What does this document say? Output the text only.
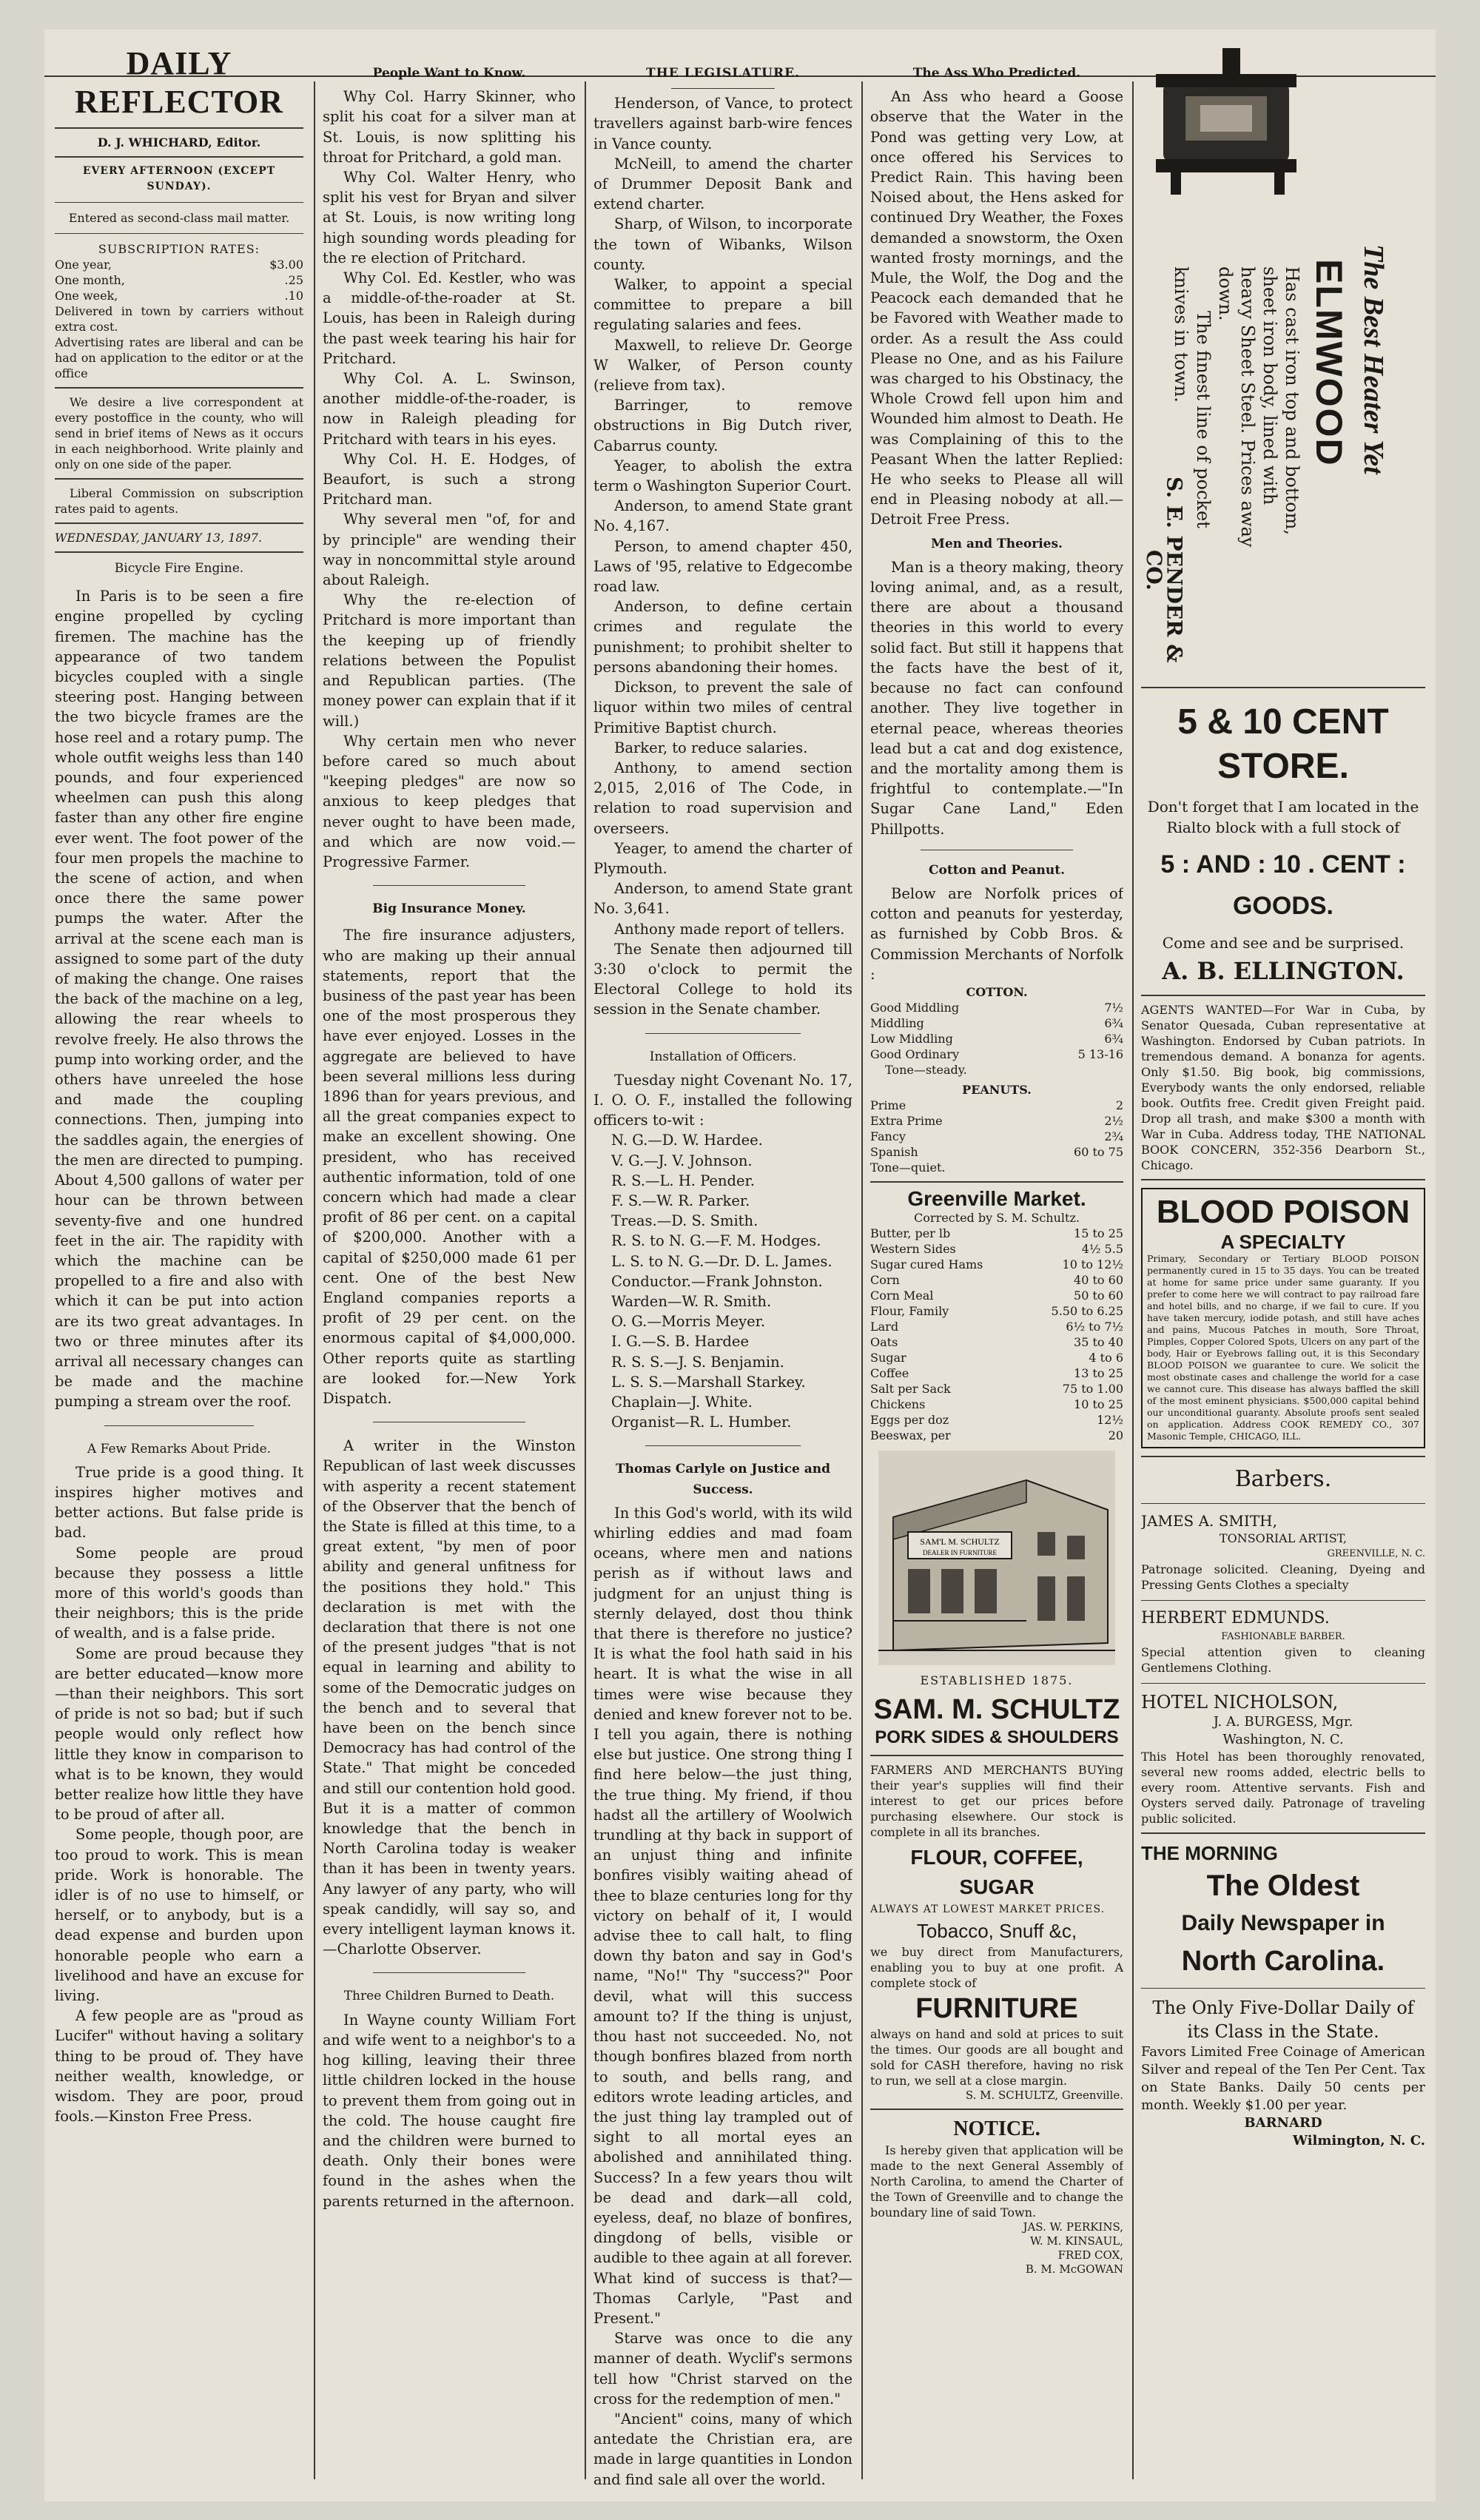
DAILY REFLECTOR
D. J. WHICHARD, Editor.
EVERY AFTERNOON (EXCEPT SUNDAY).
Entered as second-class mail matter.
SUBSCRIPTION RATES:
One year,	$3.00
One month,	.25
One week,	.10
Delivered in town by carriers without extra cost.
Advertising rates are liberal and can be had on application to the editor or at the office
We desire a live correspondent at every postoffice in the county, who will send in brief items of News as it occurs in each neighborhood. Write plainly and only on one side of the paper.
Liberal Commission on subscription rates paid to agents.
WEDNESDAY, JANUARY 13, 1897.
Bicycle Fire Engine.

In Paris is to be seen a fire engine propelled by cycling firemen. The machine has the appearance of two tandem bicycles coupled with a single steering post. Hanging between the two bicycle frames are the hose reel and a rotary pump. The whole outfit weighs less than 140 pounds, and four experienced wheelmen can push this along faster than any other fire engine ever went. The foot power of the four men propels the machine to the scene of action, and when once there the same power pumps the water. After the arrival at the scene each man is assigned to some part of the duty of making the change. One raises the back of the machine on a leg, allowing the rear wheels to revolve freely. He also throws the pump into working order, and the others have unreeled the hose and made the coupling connections. Then, jumping into the saddles again, the energies of the men are directed to pumping. About 4,500 gallons of water per hour can be thrown between seventy-five and one hundred feet in the air. The rapidity with which the machine can be propelled to a fire and also with which it can be put into action are its two great advantages. In two or three minutes after its arrival all necessary changes can be made and the machine pumping a stream over the roof.

A Few Remarks About Pride.

True pride is a good thing. It inspires higher motives and better actions. But false pride is bad.

Some people are proud because they possess a little more of this world's goods than their neighbors; this is the pride of wealth, and is a false pride.

Some are proud because they are better educated—know more—than their neighbors. This sort of pride is not so bad; but if such people would only reflect how little they know in comparison to what is to be known, they would better realize how little they have to be proud of after all.

Some people, though poor, are too proud to work. This is mean pride. Work is honorable. The idler is of no use to himself, or herself, or to anybody, but is a dead expense and burden upon honorable people who earn a livelihood and have an excuse for living.

A few people are as "proud as Lucifer" without having a solitary thing to be proud of. They have neither wealth, knowledge, or wisdom. They are poor, proud fools.—Kinston Free Press.

People Want to Know.

Why Col. Harry Skinner, who split his coat for a silver man at St. Louis, is now splitting his throat for Pritchard, a gold man.

Why Col. Walter Henry, who split his vest for Bryan and silver at St. Louis, is now writing long high sounding words pleading for the re election of Pritchard.

Why Col. Ed. Kestler, who was a middle-of-the-roader at St. Louis, has been in Raleigh during the past week tearing his hair for Pritchard.

Why Col. A. L. Swinson, another middle-of-the-roader, is now in Raleigh pleading for Pritchard with tears in his eyes.

Why Col. H. E. Hodges, of Beaufort, is such a strong Pritchard man.

Why several men "of, for and by principle" are wending their way in noncommittal style around about Raleigh.

Why the re-election of Pritchard is more important than the keeping up of friendly relations between the Populist and Republican parties. (The money power can explain that if it will.)

Why certain men who never before cared so much about "keeping pledges" are now so anxious to keep pledges that never ought to have been made, and which are now void.—Progressive Farmer.

Big Insurance Money.

The fire insurance adjusters, who are making up their annual statements, report that the business of the past year has been one of the most prosperous they have ever enjoyed. Losses in the aggregate are believed to have been several millions less during 1896 than for years previous, and all the great companies expect to make an excellent showing. One president, who has received authentic information, told of one concern which had made a clear profit of 86 per cent. on a capital of $200,000. Another with a capital of $250,000 made 61 per cent. One of the best New England companies reports a profit of 29 per cent. on the enormous capital of $4,000,000. Other reports quite as startling are looked for.—New York Dispatch.

A writer in the Winston Republican of last week discusses with asperity a recent statement of the Observer that the bench of the State is filled at this time, to a great extent, "by men of poor ability and general unfitness for the positions they hold." This declaration is met with the declaration that there is not one of the present judges "that is not equal in learning and ability to some of the Democratic judges on the bench and to several that have been on the bench since Democracy has had control of the State." That might be conceded and still our contention hold good. But it is a matter of common knowledge that the bench in North Carolina today is weaker than it has been in twenty years. Any lawyer of any party, who will speak candidly, will say so, and every intelligent layman knows it.—Charlotte Observer.

Three Children Burned to Death.

In Wayne county William Fort and wife went to a neighbor's to a hog killing, leaving their three little children locked in the house to prevent them from going out in the cold. The house caught fire and the children were burned to death. Only their bones were found in the ashes when the parents returned in the afternoon.

THE LEGISLATURE.

Henderson, of Vance, to protect travellers against barb-wire fences in Vance county.

McNeill, to amend the charter of Drummer Deposit Bank and extend charter.

Sharp, of Wilson, to incorporate the town of Wibanks, Wilson county.

Walker, to appoint a special committee to prepare a bill regulating salaries and fees.

Maxwell, to relieve Dr. George W Walker, of Person county (relieve from tax).

Barringer, to remove obstructions in Big Dutch river, Cabarrus county.

Yeager, to abolish the extra term o Washington Superior Court.

Anderson, to amend State grant No. 4,167.

Person, to amend chapter 450, Laws of '95, relative to Edgecombe road law.

Anderson, to define certain crimes and regulate the punishment; to prohibit shelter to persons abandoning their homes.

Dickson, to prevent the sale of liquor within two miles of central Primitive Baptist church.

Barker, to reduce salaries.

Anthony, to amend section 2,015, 2,016 of The Code, in relation to road supervision and overseers.

Yeager, to amend the charter of Plymouth.

Anderson, to amend State grant No. 3,641.

Anthony made report of tellers.

The Senate then adjourned till 3:30 o'clock to permit the Electoral College to hold its session in the Senate chamber.

Installation of Officers.

Tuesday night Covenant No. 17, I. O. O. F., installed the following officers to-wit :

N. G.—D. W. Hardee.
V. G.—J. V. Johnson.
R. S.—L. H. Pender.
F. S.—W. R. Parker.
Treas.—D. S. Smith.
R. S. to N. G.—F. M. Hodges.
L. S. to N. G.—Dr. D. L. James.
Conductor.—Frank Johnston.
Warden—W. R. Smith.
O. G.—Morris Meyer.
I. G.—S. B. Hardee
R. S. S.—J. S. Benjamin.
L. S. S.—Marshall Starkey.
Chaplain—J. White.
Organist—R. L. Humber.
Thomas Carlyle on Justice and Success.

In this God's world, with its wild whirling eddies and mad foam oceans, where men and nations perish as if without laws and judgment for an unjust thing is sternly delayed, dost thou think that there is therefore no justice? It is what the fool hath said in his heart. It is what the wise in all times were wise because they denied and knew forever not to be. I tell you again, there is nothing else but justice. One strong thing I find here below—the just thing, the true thing. My friend, if thou hadst all the artillery of Woolwich trundling at thy back in support of an unjust thing and infinite bonfires visibly waiting ahead of thee to blaze centuries long for thy victory on behalf of it, I would advise thee to call halt, to fling down thy baton and say in God's name, "No!" Thy "success?" Poor devil, what will this success amount to? If the thing is unjust, thou hast not succeeded. No, not though bonfires blazed from north to south, and bells rang, and editors wrote leading articles, and the just thing lay trampled out of sight to all mortal eyes an abolished and annihilated thing. Success? In a few years thou wilt be dead and dark—all cold, eyeless, deaf, no blaze of bonfires, dingdong of bells, visible or audible to thee again at all forever. What kind of success is that?—Thomas Carlyle, "Past and Present."

Starve was once to die any manner of death. Wyclif's sermons tell how "Christ starved on the cross for the redemption of men."

"Ancient" coins, many of which antedate the Christian era, are made in large quantities in London and find sale all over the world.

The Ass Who Predicted.

An Ass who heard a Goose observe that the Water in the Pond was getting very Low, at once offered his Services to Predict Rain. This having been Noised about, the Hens asked for continued Dry Weather, the Foxes demanded a snowstorm, the Oxen wanted frosty mornings, and the Mule, the Wolf, the Dog and the Peacock each demanded that he be Favored with Weather made to order. As a result the Ass could Please no One, and as his Failure was charged to his Obstinacy, the Whole Crowd fell upon him and Wounded him almost to Death. He was Complaining of this to the Peasant When the latter Replied: He who seeks to Please all will end in Pleasing nobody at all.—Detroit Free Press.

Men and Theories.

Man is a theory making, theory loving animal, and, as a result, there are about a thousand theories in this world to every solid fact. But still it happens that the facts have the best of it, because no fact can confound another. They live together in eternal peace, whereas theories lead but a cat and dog existence, and the mortality among them is frightful to contemplate.—"In Sugar Cane Land," Eden Phillpotts.

Cotton and Peanut.

Below are Norfolk prices of cotton and peanuts for yesterday, as furnished by Cobb Bros. & Commission Merchants of Norfolk :

COTTON.
Good Middling	7½
Middling	6¾
Low Middling	6¾
Good Ordinary	5 13-16
Tone—steady.
PEANUTS.
Prime	2
Extra Prime	2½
Fancy	2¾
Spanish	60 to 75
Tone—quiet.
Greenville Market.
Corrected by S. M. Schultz.
Butter, per lb	15 to 25
Western Sides	4½ 5.5
Sugar cured Hams	10 to 12½
Corn	40 to 60
Corn Meal	50 to 60
Flour, Family	5.50 to 6.25
Lard	6½ to 7½
Oats	35 to 40
Sugar	4 to 6
Coffee	13 to 25
Salt per Sack	75 to 1.00
Chickens	10 to 25
Eggs per doz	12½
Beeswax, per	20
SAM'L M. SCHULTZ
DEALER IN FURNITURE
ESTABLISHED 1875.
SAM. M. SCHULTZ
PORK SIDES & SHOULDERS
FARMERS AND MERCHANTS BUYing their year's supplies will find their interest to get our prices before purchasing elsewhere. Our stock is complete in all its branches.
FLOUR, COFFEE, SUGAR
ALWAYS AT LOWEST MARKET PRICES.
Tobacco, Snuff &c,
we buy direct from Manufacturers, enabling you to buy at one profit. A complete stock of
FURNITURE
always on hand and sold at prices to suit the times. Our goods are all bought and sold for CASH therefore, having no risk to run, we sell at a close margin.
S. M. SCHULTZ, Greenville.
NOTICE.
Is hereby given that application will be made to the next General Assembly of North Carolina, to amend the Charter of the Town of Greenville and to change the boundary line of said Town.
JAS. W. PERKINS,
W. M. KINSAUL,
FRED COX,
B. M. McGOWAN
The Best Heater Yet
ELMWOOD
Has cast iron top and bottom,
sheet iron body, lined with
heavy Sheet Steel. Prices away
down.
The finest line of pocket
knives in town.
S. E. PENDER & CO.
5 & 10 CENT STORE.
Don't forget that I am located in the Rialto block with a full stock of
5 : AND : 10 . CENT : GOODS.
Come and see and be surprised.
A. B. ELLINGTON.
AGENTS WANTED—For War in Cuba, by Senator Quesada, Cuban representative at Washington. Endorsed by Cuban patriots. In tremendous demand. A bonanza for agents. Only $1.50. Big book, big commissions, Everybody wants the only endorsed, reliable book. Outfits free. Credit given Freight paid. Drop all trash, and make $300 a month with War in Cuba. Address today, THE NATIONAL BOOK CONCERN, 352-356 Dearborn St., Chicago.
BLOOD POISON
A SPECIALTY
Primary, Secondary or Tertiary BLOOD POISON permanently cured in 15 to 35 days. You can be treated at home for same price under same guaranty. If you prefer to come here we will contract to pay railroad fare and hotel bills, and no charge, if we fail to cure. If you have taken mercury, iodide potash, and still have aches and pains, Mucous Patches in mouth, Sore Throat, Pimples, Copper Colored Spots, Ulcers on any part of the body, Hair or Eyebrows falling out, it is this Secondary BLOOD POISON we guarantee to cure. We solicit the most obstinate cases and challenge the world for a case we cannot cure. This disease has always baffled the skill of the most eminent physicians. $500,000 capital behind our unconditional guaranty. Absolute proofs sent sealed on application. Address COOK REMEDY CO., 307 Masonic Temple, CHICAGO, ILL.
Barbers.
JAMES A. SMITH,
TONSORIAL ARTIST,
GREENVILLE, N. C.
Patronage solicited. Cleaning, Dyeing and Pressing Gents Clothes a specialty
HERBERT EDMUNDS.
FASHIONABLE BARBER.
Special attention given to cleaning Gentlemens Clothing.
HOTEL NICHOLSON,
J. A. BURGESS, Mgr.
Washington, N. C.
This Hotel has been thoroughly renovated, several new rooms added, electric bells to every room. Attentive servants. Fish and Oysters served daily. Patronage of traveling public solicited.
THE MORNING
The Oldest
Daily Newspaper in
North Carolina.
The Only Five-Dollar Daily of its Class in the State.
Favors Limited Free Coinage of American Silver and repeal of the Ten Per Cent. Tax on State Banks. Daily 50 cents per month. Weekly $1.00 per year.
BARNARD
Wilmington, N. C.
